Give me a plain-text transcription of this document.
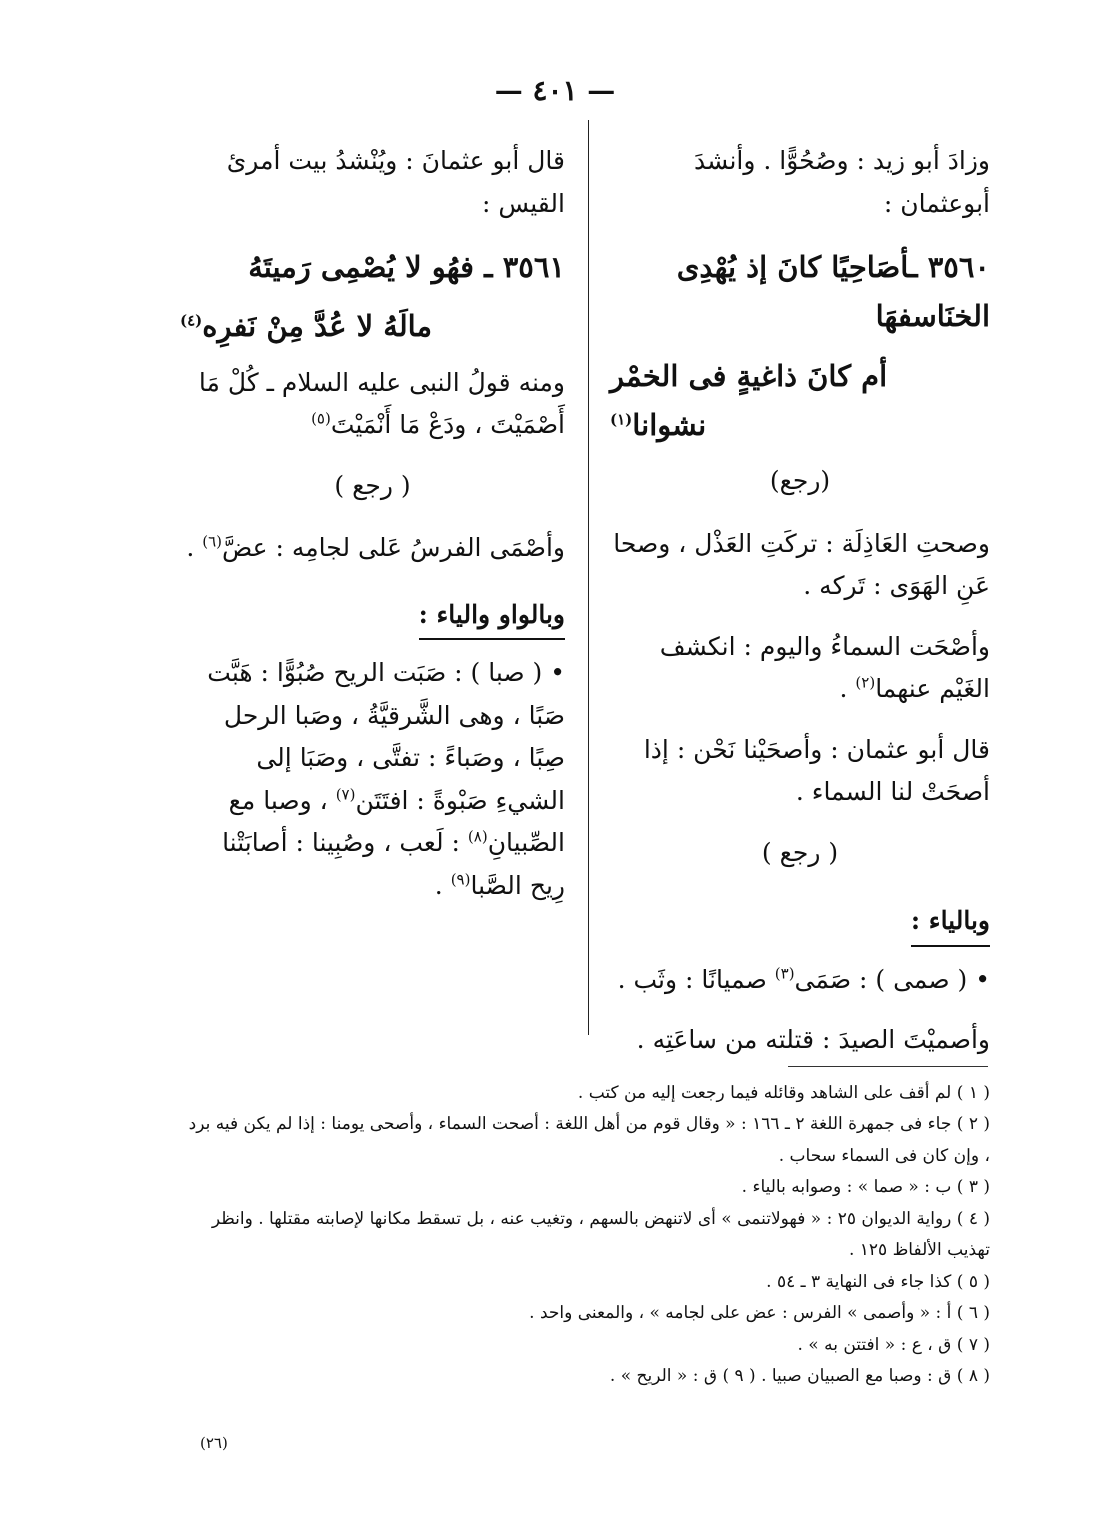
— ٤٠١ —

وزادَ أبو زيد : وصُحُوًّا . وأنشدَ أبوعثمان :

٣٥٦٠ ـأصَاحِيًا كانَ إذ يُهْدِى الخنَاسفهَا

أم كانَ ذاغيةٍ فى الخمْر نشوانا$^{(١)}$

(رجع)

وصحتِ العَاذِلَة : تركَتِ العَذْل ، وصحا عَنِ الهَوَى : تَركه .

وأصْحَت السماءُ واليوم : انكشف الغَيْم عنهما$^{(٢)}$ .

قال أبو عثمان : وأصحَيْنا نَحْن : إذا أصحَتْ لنا السماء .

( رجع )

وبالياء :

• ( صمى ) : صَمَى$^{(٣)}$ صميانًا : وثَب .

وأصميْتَ الصيدَ : قتلته من ساعَتِه .

قال أبو عثمانَ : ويُنْشدُ بيت أمرئ القيس :

٣٥٦١ ـ فهُو لا يُصْمِى رَميتَهُ

مالَهُ لا عُدَّ مِنْ نَفرِه$^{(٤)}$

ومنه قولُ النبى عليه السلام ـ كُلْ مَا أَصْمَيْتَ ، ودَعْ مَا أَنْمَيْتَ$^{(٥)}$

( رجع )

وأصْمَى الفرسُ عَلى لجامِه : عضَّ$^{(٦)}$ .

وبالواو والياء :

• ( صبا ) : صَبَت الريح صُبُوًّا : هَبَّت صَبًا ، وهى الشَّرقيَّةُ ، وصَبا الرحل صِبًا ، وصَباءً : تفتَّى ، وصَبَا إلى الشيءِ صَبْوةً : افتَتَن$^{(٧)}$ ، وصبا مع الصِّبيانِ$^{(٨)}$ : لَعب ، وصُبِينا : أصابَتْنا رِيح الصَّبا$^{(٩)}$ .

( ١ ) لم أقف على الشاهد وقائله فيما رجعت إليه من كتب .

( ٢ ) جاء فى جمهرة اللغة ٢ ـ ١٦٦ : « وقال قوم من أهل اللغة : أصحت السماء ، وأصحى يومنا : إذا لم يكن فيه برد ، وإن كان فى السماء سحاب .

( ٣ ) ب : « صما » : وصوابه بالياء .

( ٤ ) رواية الديوان ٢٥ : « فهولاتنمى » أى لاتنهض بالسهم ، وتغيب عنه ، بل تسقط مكانها لإصابته مقتلها . وانظر تهذيب الألفاظ ١٢٥ .

( ٥ ) كذا جاء فى النهاية ٣ ـ ٥٤ .

( ٦ ) أ : « وأصمى » الفرس : عض على لجامه » ، والمعنى واحد .

( ٧ ) ق ، ع : « افتتن به » .

( ٨ ) ق : وصبا مع الصبيان صبيا . ( ٩ ) ق : « الريح » .

(٢٦)
